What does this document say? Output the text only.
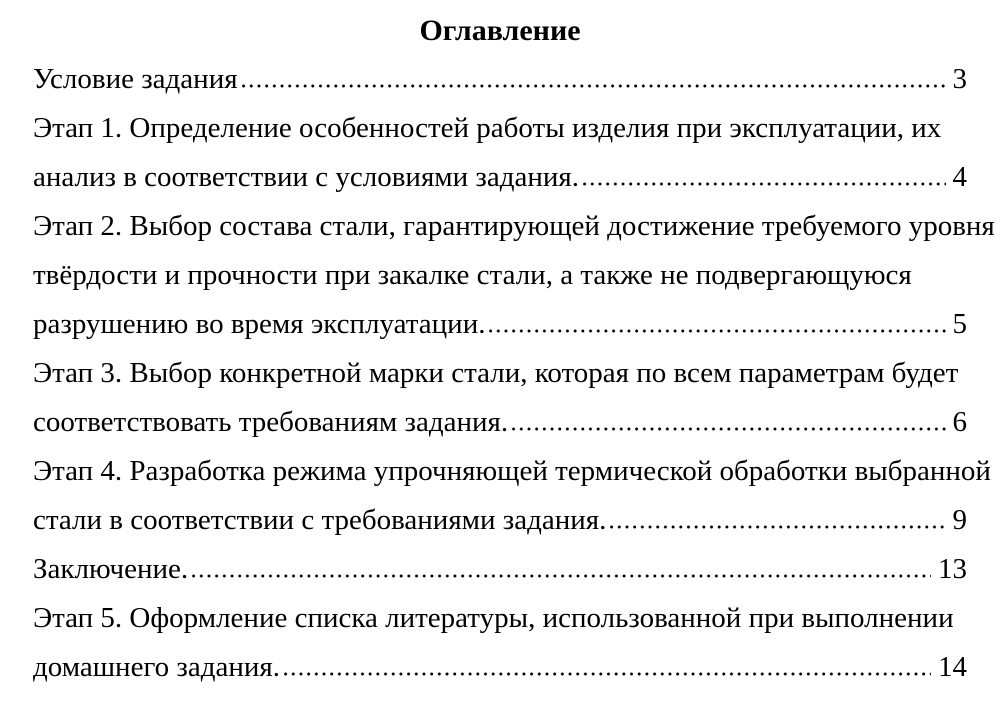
Оглавление
Условие задания	3
Этап 1. Определение особенностей работы изделия при эксплуатации, их
анализ в соответствии с условиями задания.	4
Этап 2. Выбор состава стали, гарантирующей достижение требуемого уровня
твёрдости и прочности при закалке стали, а также не подвергающуюся
разрушению во время эксплуатации.	5
Этап 3. Выбор конкретной марки стали, которая по всем параметрам будет
соответствовать требованиям задания.	6
Этап 4. Разработка режима упрочняющей термической обработки выбранной
стали в соответствии с требованиями задания.	9
Заключение.	13
Этап 5. Оформление списка литературы, использованной при выполнении
домашнего задания.	14
